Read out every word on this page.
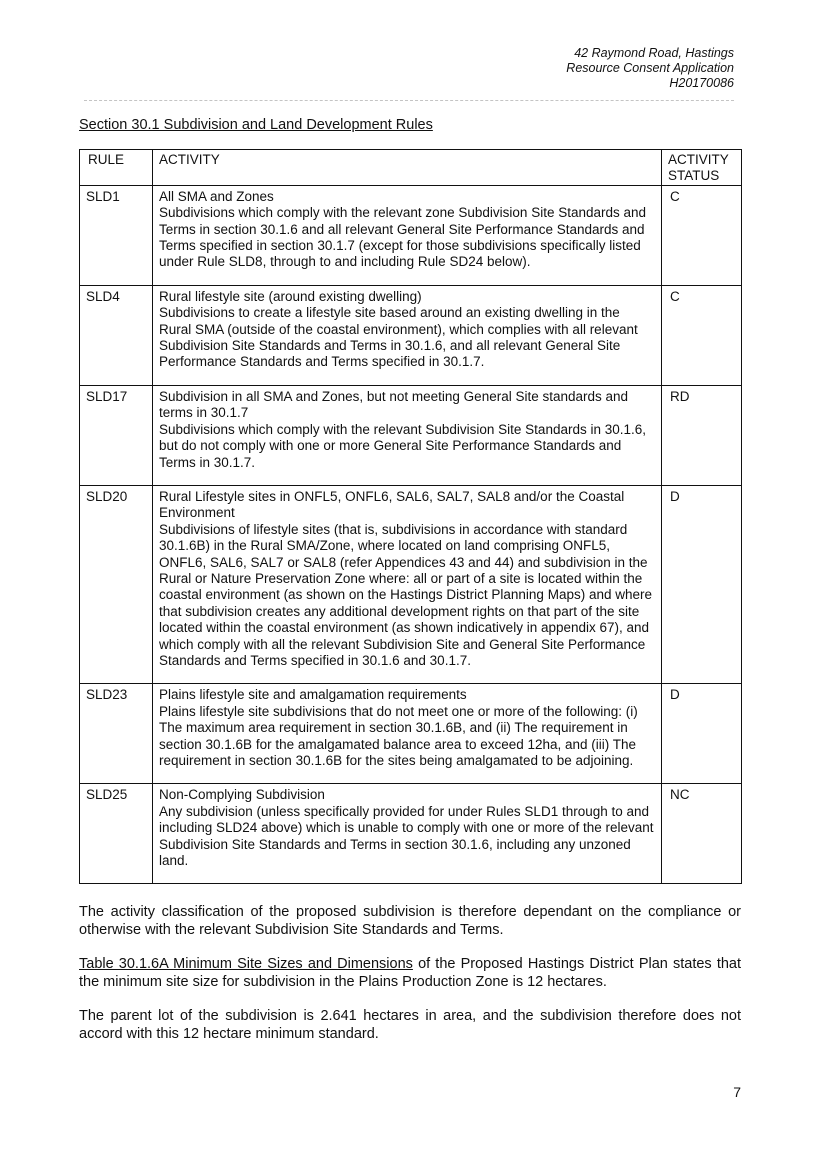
42 Raymond Road, Hastings
Resource Consent Application
H20170086
Section 30.1 Subdivision and Land Development Rules
RULE	ACTIVITY	ACTIVITY STATUS
SLD1	All SMA and Zones
Subdivisions which comply with the relevant zone Subdivision Site Standards and Terms in section 30.1.6 and all relevant General Site Performance Standards and Terms specified in section 30.1.7 (except for those subdivisions specifically listed under Rule SLD8, through to and including Rule SD24 below).	C
SLD4	Rural lifestyle site (around existing dwelling)
Subdivisions to create a lifestyle site based around an existing dwelling in the Rural SMA (outside of the coastal environment), which complies with all relevant Subdivision Site Standards and Terms in 30.1.6, and all relevant General Site Performance Standards and Terms specified in 30.1.7.	C
SLD17	Subdivision in all SMA and Zones, but not meeting General Site standards and terms in 30.1.7
Subdivisions which comply with the relevant Subdivision Site Standards in 30.1.6, but do not comply with one or more General Site Performance Standards and Terms in 30.1.7.	RD
SLD20	Rural Lifestyle sites in ONFL5, ONFL6, SAL6, SAL7, SAL8 and/or the Coastal Environment
Subdivisions of lifestyle sites (that is, subdivisions in accordance with standard 30.1.6B) in the Rural SMA/Zone, where located on land comprising ONFL5, ONFL6, SAL6, SAL7 or SAL8 (refer Appendices 43 and 44) and subdivision in the Rural or Nature Preservation Zone where: all or part of a site is located within the coastal environment (as shown on the Hastings District Planning Maps) and where that subdivision creates any additional development rights on that part of the site located within the coastal environment (as shown indicatively in appendix 67), and which comply with all the relevant Subdivision Site and General Site Performance Standards and Terms specified in 30.1.6 and 30.1.7.	D
SLD23	Plains lifestyle site and amalgamation requirements
Plains lifestyle site subdivisions that do not meet one or more of the following: (i) The maximum area requirement in section 30.1.6B, and (ii) The requirement in section 30.1.6B for the amalgamated balance area to exceed 12ha, and (iii) The requirement in section 30.1.6B for the sites being amalgamated to be adjoining.	D
SLD25	Non-Complying Subdivision
Any subdivision (unless specifically provided for under Rules SLD1 through to and including SLD24 above) which is unable to comply with one or more of the relevant Subdivision Site Standards and Terms in section 30.1.6, including any unzoned land.	NC

The activity classification of the proposed subdivision is therefore dependant on the compliance or otherwise with the relevant Subdivision Site Standards and Terms.

Table 30.1.6A Minimum Site Sizes and Dimensions of the Proposed Hastings District Plan states that the minimum site size for subdivision in the Plains Production Zone is 12 hectares.

The parent lot of the subdivision is 2.641 hectares in area, and the subdivision therefore does not accord with this 12 hectare minimum standard.

7
